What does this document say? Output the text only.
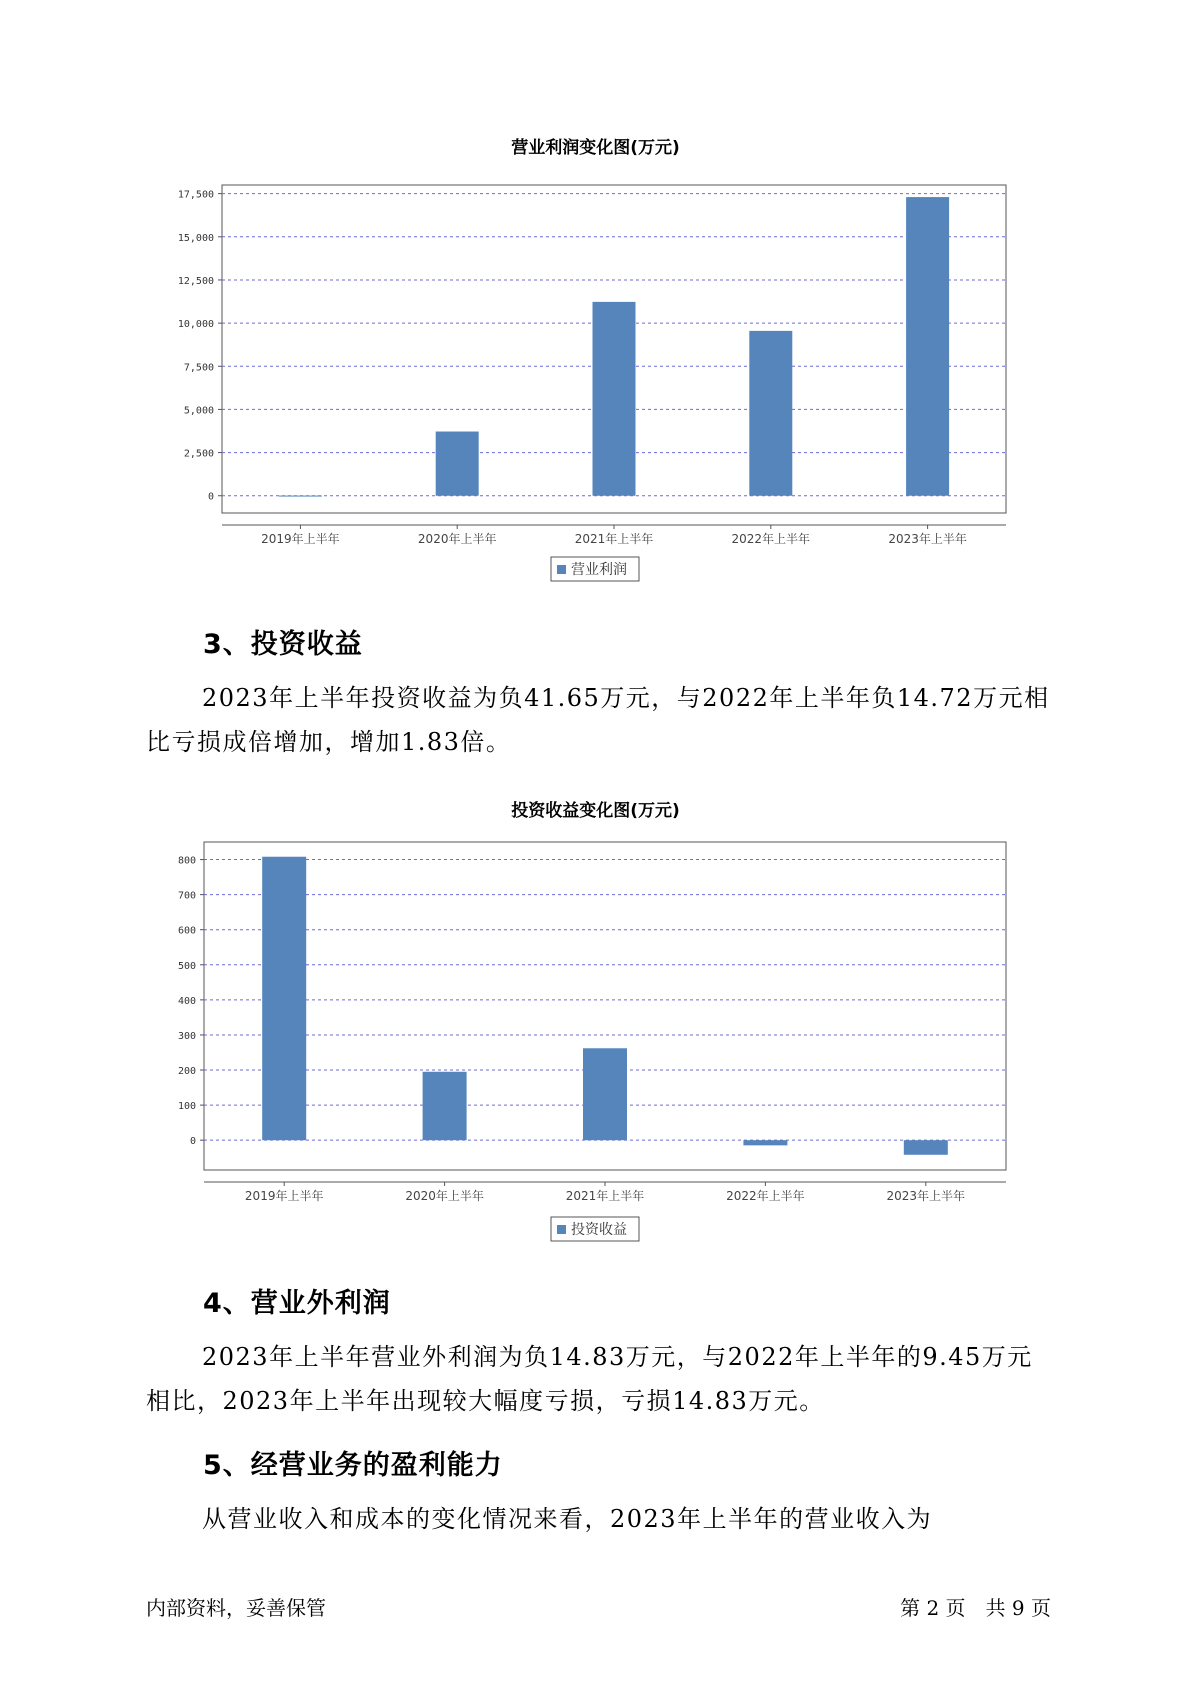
营业利润变化图(万元)
0
2,500
5,000
7,500
10,000
12,500
15,000
17,500
2019年上半年	2020年上半年	2021年上半年	2022年上半年	2023年上半年
营业利润
3、投资收益
2023年上半年投资收益为负41.65万元，与2022年上半年负14.72万元相比亏损成倍增加，增加1.83倍。
投资收益变化图(万元)
0
100
200
300
400
500
600
700
800
2019年上半年	2020年上半年	2021年上半年	2022年上半年	2023年上半年
投资收益
4、营业外利润
2023年上半年营业外利润为负14.83万元，与2022年上半年的9.45万元相比，2023年上半年出现较大幅度亏损，亏损14.83万元。
5、经营业务的盈利能力
从营业收入和成本的变化情况来看，2023年上半年的营业收入为
内部资料，妥善保管	第 2 页　共 9 页
